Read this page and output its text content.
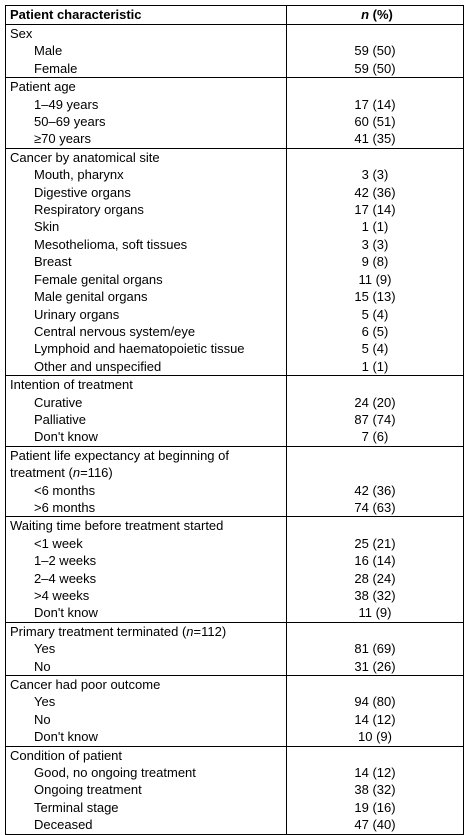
Patient characteristic	n (%)
Sex	
Male	59 (50)
Female	59 (50)
Patient age	
1–49 years	17 (14)
50–69 years	60 (51)
≥70 years	41 (35)
Cancer by anatomical site	
Mouth, pharynx	3 (3)
Digestive organs	42 (36)
Respiratory organs	17 (14)
Skin	1 (1)
Mesothelioma, soft tissues	3 (3)
Breast	9 (8)
Female genital organs	11 (9)
Male genital organs	15 (13)
Urinary organs	5 (4)
Central nervous system/eye	6 (5)
Lymphoid and haematopoietic tissue	5 (4)
Other and unspecified	1 (1)
Intention of treatment	
Curative	24 (20)
Palliative	87 (74)
Don't know	7 (6)
Patient life expectancy at beginning of	
treatment (n=116)	
<6 months	42 (36)
>6 months	74 (63)
Waiting time before treatment started	
<1 week	25 (21)
1–2 weeks	16 (14)
2–4 weeks	28 (24)
>4 weeks	38 (32)
Don't know	11 (9)
Primary treatment terminated (n=112)	
Yes	81 (69)
No	31 (26)
Cancer had poor outcome	
Yes	94 (80)
No	14 (12)
Don't know	10 (9)
Condition of patient	
Good, no ongoing treatment	14 (12)
Ongoing treatment	38 (32)
Terminal stage	19 (16)
Deceased	47 (40)
